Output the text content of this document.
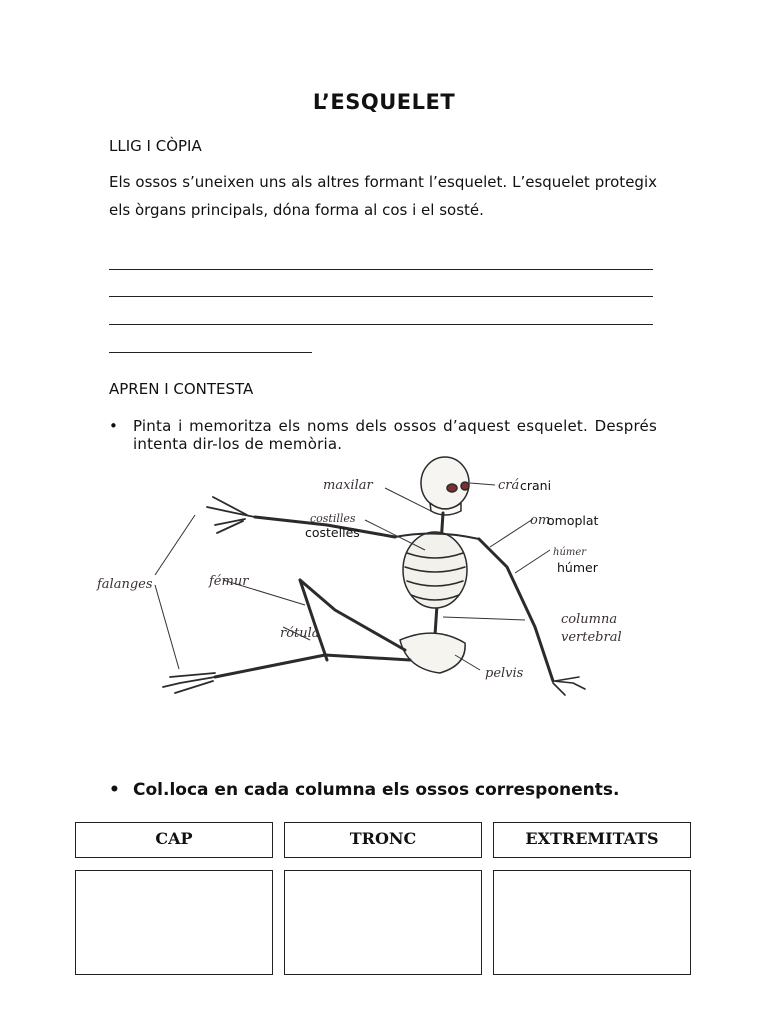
L’ESQUELET
LLIG I CÒPIA
Els ossos s’uneixen uns als altres formant l’esquelet. L’esquelet protegix els òrgans principals, dóna forma al cos i el sosté.
APREN I CONTESTA
• Pinta i memoritza els noms dels ossos d’aquest esquelet. Després intenta dir-los de memòria.
maxilar	crá crani
costilles
costelles
om
omoplat
húmer
húmer
falanges	fémur
rótula
columna
vertebral
pelvis
• Col.loca en cada columna els ossos corresponents.
CAP	TRONC	EXTREMITATS
